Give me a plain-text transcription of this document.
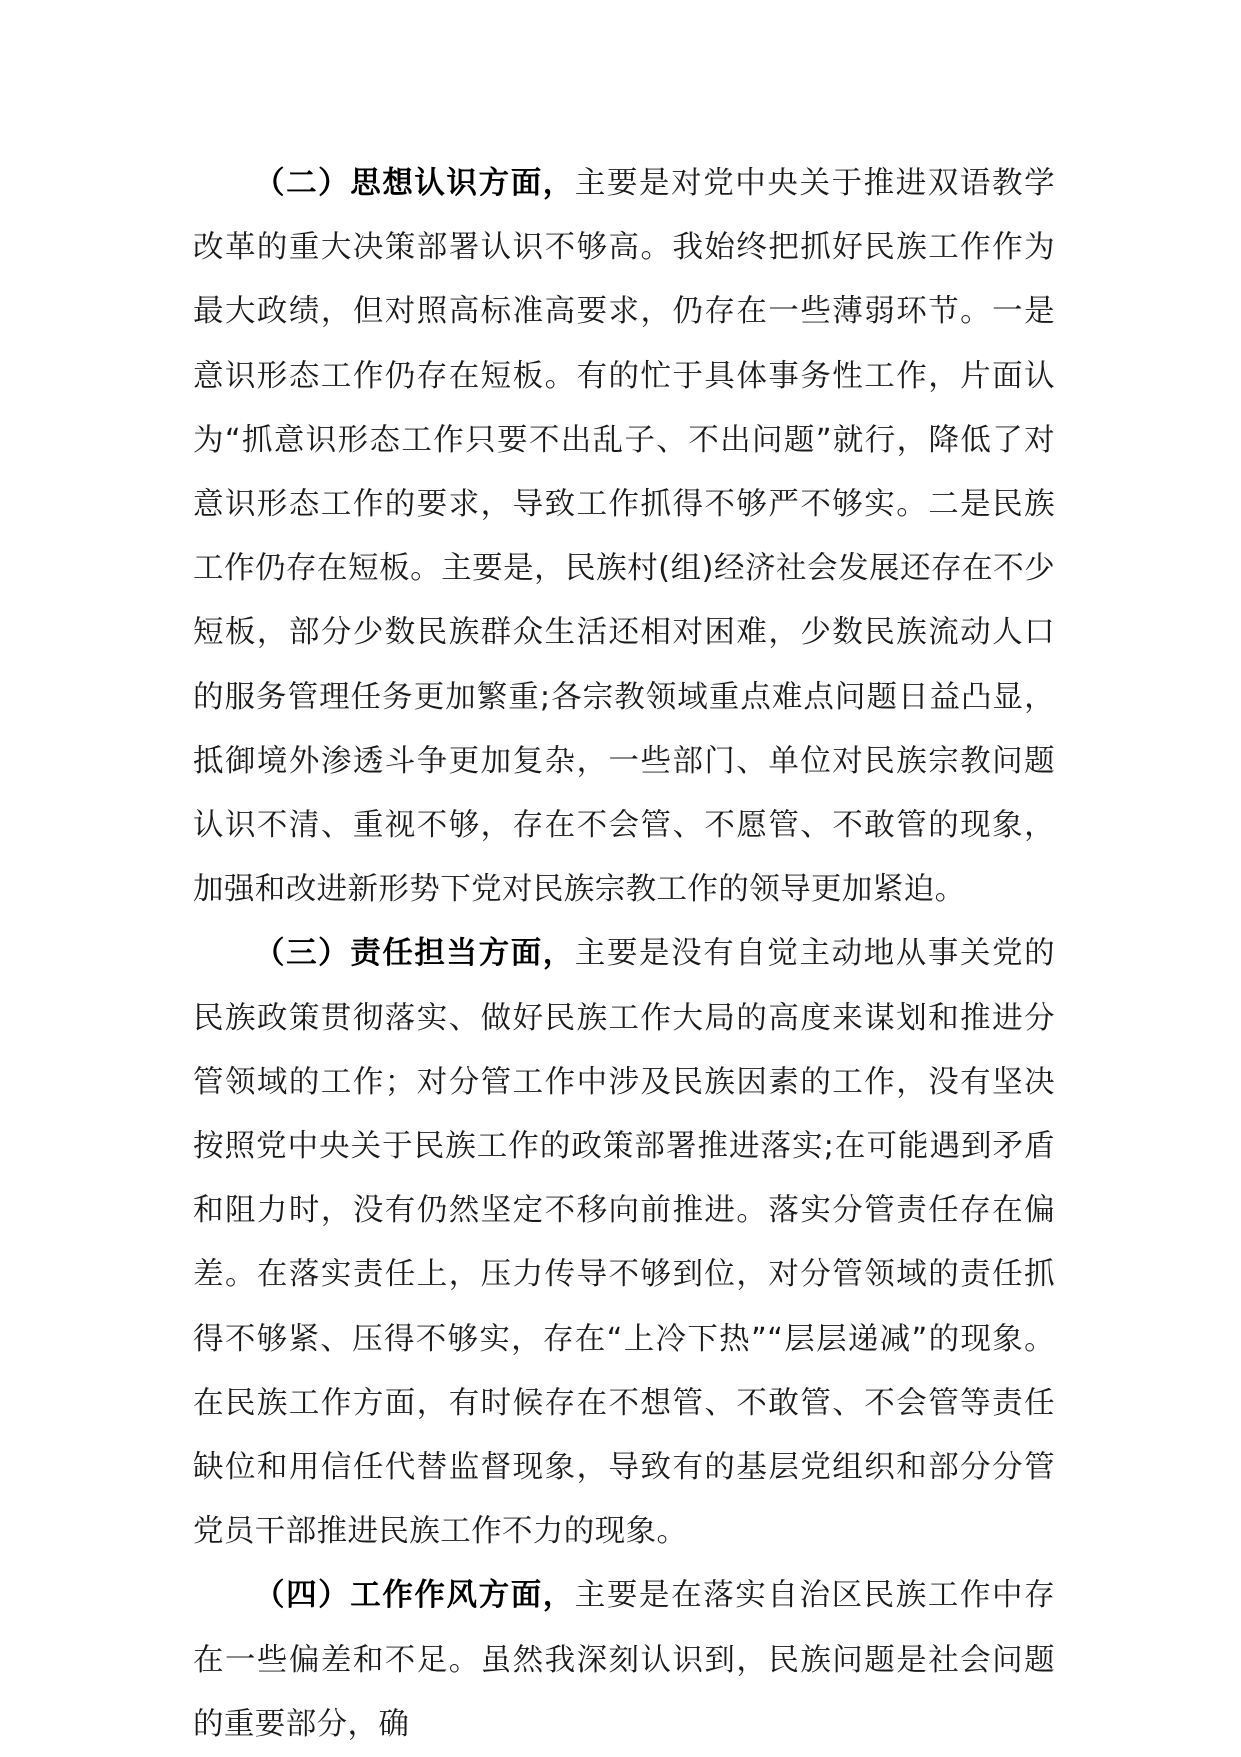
（二）思想认识方面，主要是对党中央关于推进双语教学改革的重大决策部署认识不够高。我始终把抓好民族工作作为最大政绩，但对照高标准高要求，仍存在一些薄弱环节。一是意识形态工作仍存在短板。有的忙于具体事务性工作，片面认为“抓意识形态工作只要不出乱子、不出问题”就行，降低了对意识形态工作的要求，导致工作抓得不够严不够实。二是民族工作仍存在短板。主要是，民族村(组)经济社会发展还存在不少短板，部分少数民族群众生活还相对困难，少数民族流动人口的服务管理任务更加繁重;各宗教领域重点难点问题日益凸显，抵御境外渗透斗争更加复杂，一些部门、单位对民族宗教问题认识不清、重视不够，存在不会管、不愿管、不敢管的现象，加强和改进新形势下党对民族宗教工作的领导更加紧迫。

（三）责任担当方面，主要是没有自觉主动地从事关党的民族政策贯彻落实、做好民族工作大局的高度来谋划和推进分管领域的工作；对分管工作中涉及民族因素的工作，没有坚决按照党中央关于民族工作的政策部署推进落实;在可能遇到矛盾和阻力时，没有仍然坚定不移向前推进。落实分管责任存在偏差。在落实责任上，压力传导不够到位，对分管领域的责任抓得不够紧、压得不够实，存在“上冷下热”“层层递减”的现象。在民族工作方面，有时候存在不想管、不敢管、不会管等责任缺位和用信任代替监督现象，导致有的基层党组织和部分分管党员干部推进民族工作不力的现象。

（四）工作作风方面，主要是在落实自治区民族工作中存在一些偏差和不足。虽然我深刻认识到，民族问题是社会问题的重要部分，确
